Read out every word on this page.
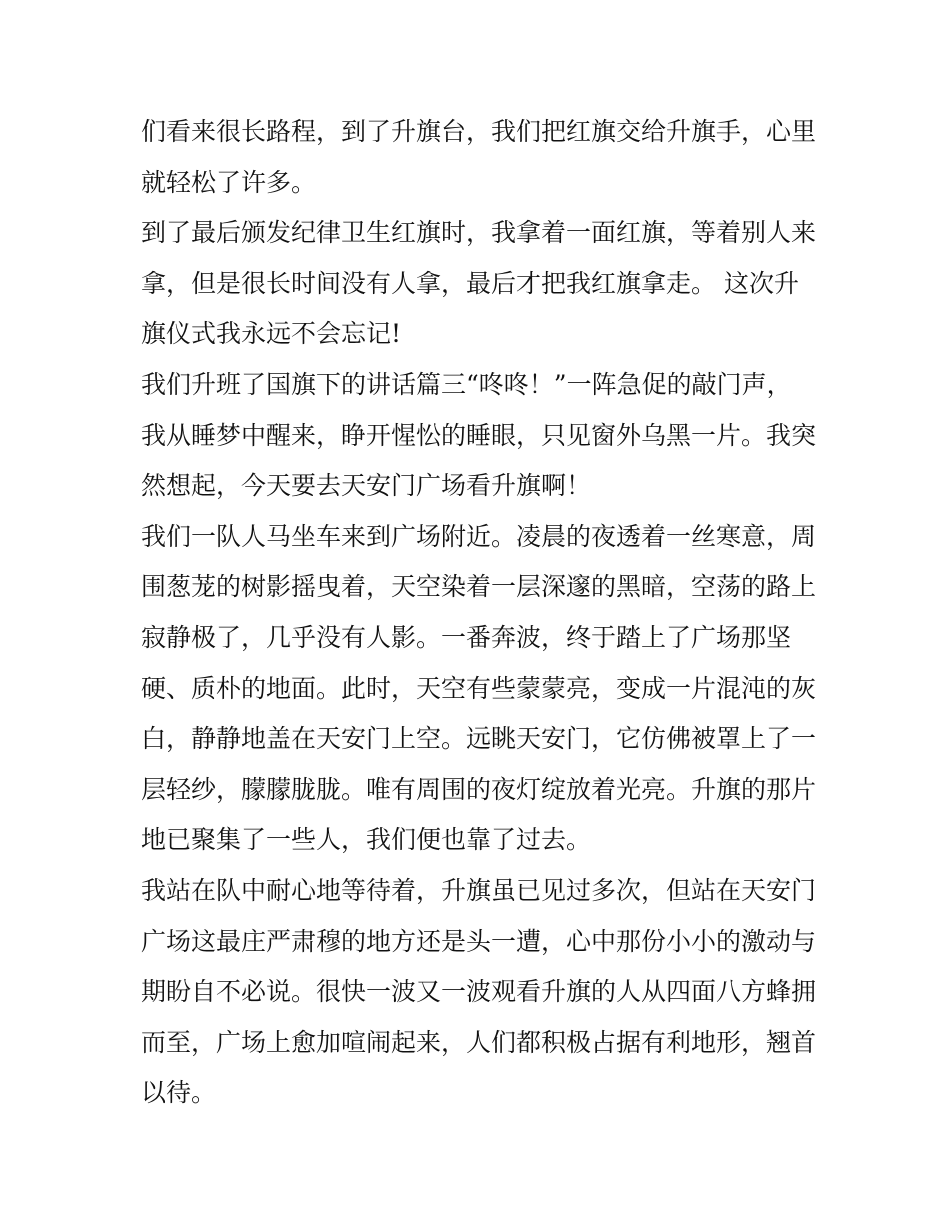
们看来很长路程，到了升旗台，我们把红旗交给升旗手，心里
就轻松了许多。
到了最后颁发纪律卫生红旗时，我拿着一面红旗，等着别人来
拿，但是很长时间没有人拿，最后才把我红旗拿走。 这次升
旗仪式我永远不会忘记!
我们升班了国旗下的讲话篇三“咚咚！”一阵急促的敲门声，
我从睡梦中醒来，睁开惺忪的睡眼，只见窗外乌黑一片。我突
然想起，今天要去天安门广场看升旗啊！
我们一队人马坐车来到广场附近。凌晨的夜透着一丝寒意，周
围葱茏的树影摇曳着，天空染着一层深邃的黑暗，空荡的路上
寂静极了，几乎没有人影。一番奔波，终于踏上了广场那坚
硬、质朴的地面。此时，天空有些蒙蒙亮，变成一片混沌的灰
白，静静地盖在天安门上空。远眺天安门，它仿佛被罩上了一
层轻纱，朦朦胧胧。唯有周围的夜灯绽放着光亮。升旗的那片
地已聚集了一些人，我们便也靠了过去。
我站在队中耐心地等待着，升旗虽已见过多次，但站在天安门
广场这最庄严肃穆的地方还是头一遭，心中那份小小的激动与
期盼自不必说。很快一波又一波观看升旗的人从四面八方蜂拥
而至，广场上愈加喧闹起来，人们都积极占据有利地形，翘首
以待。
